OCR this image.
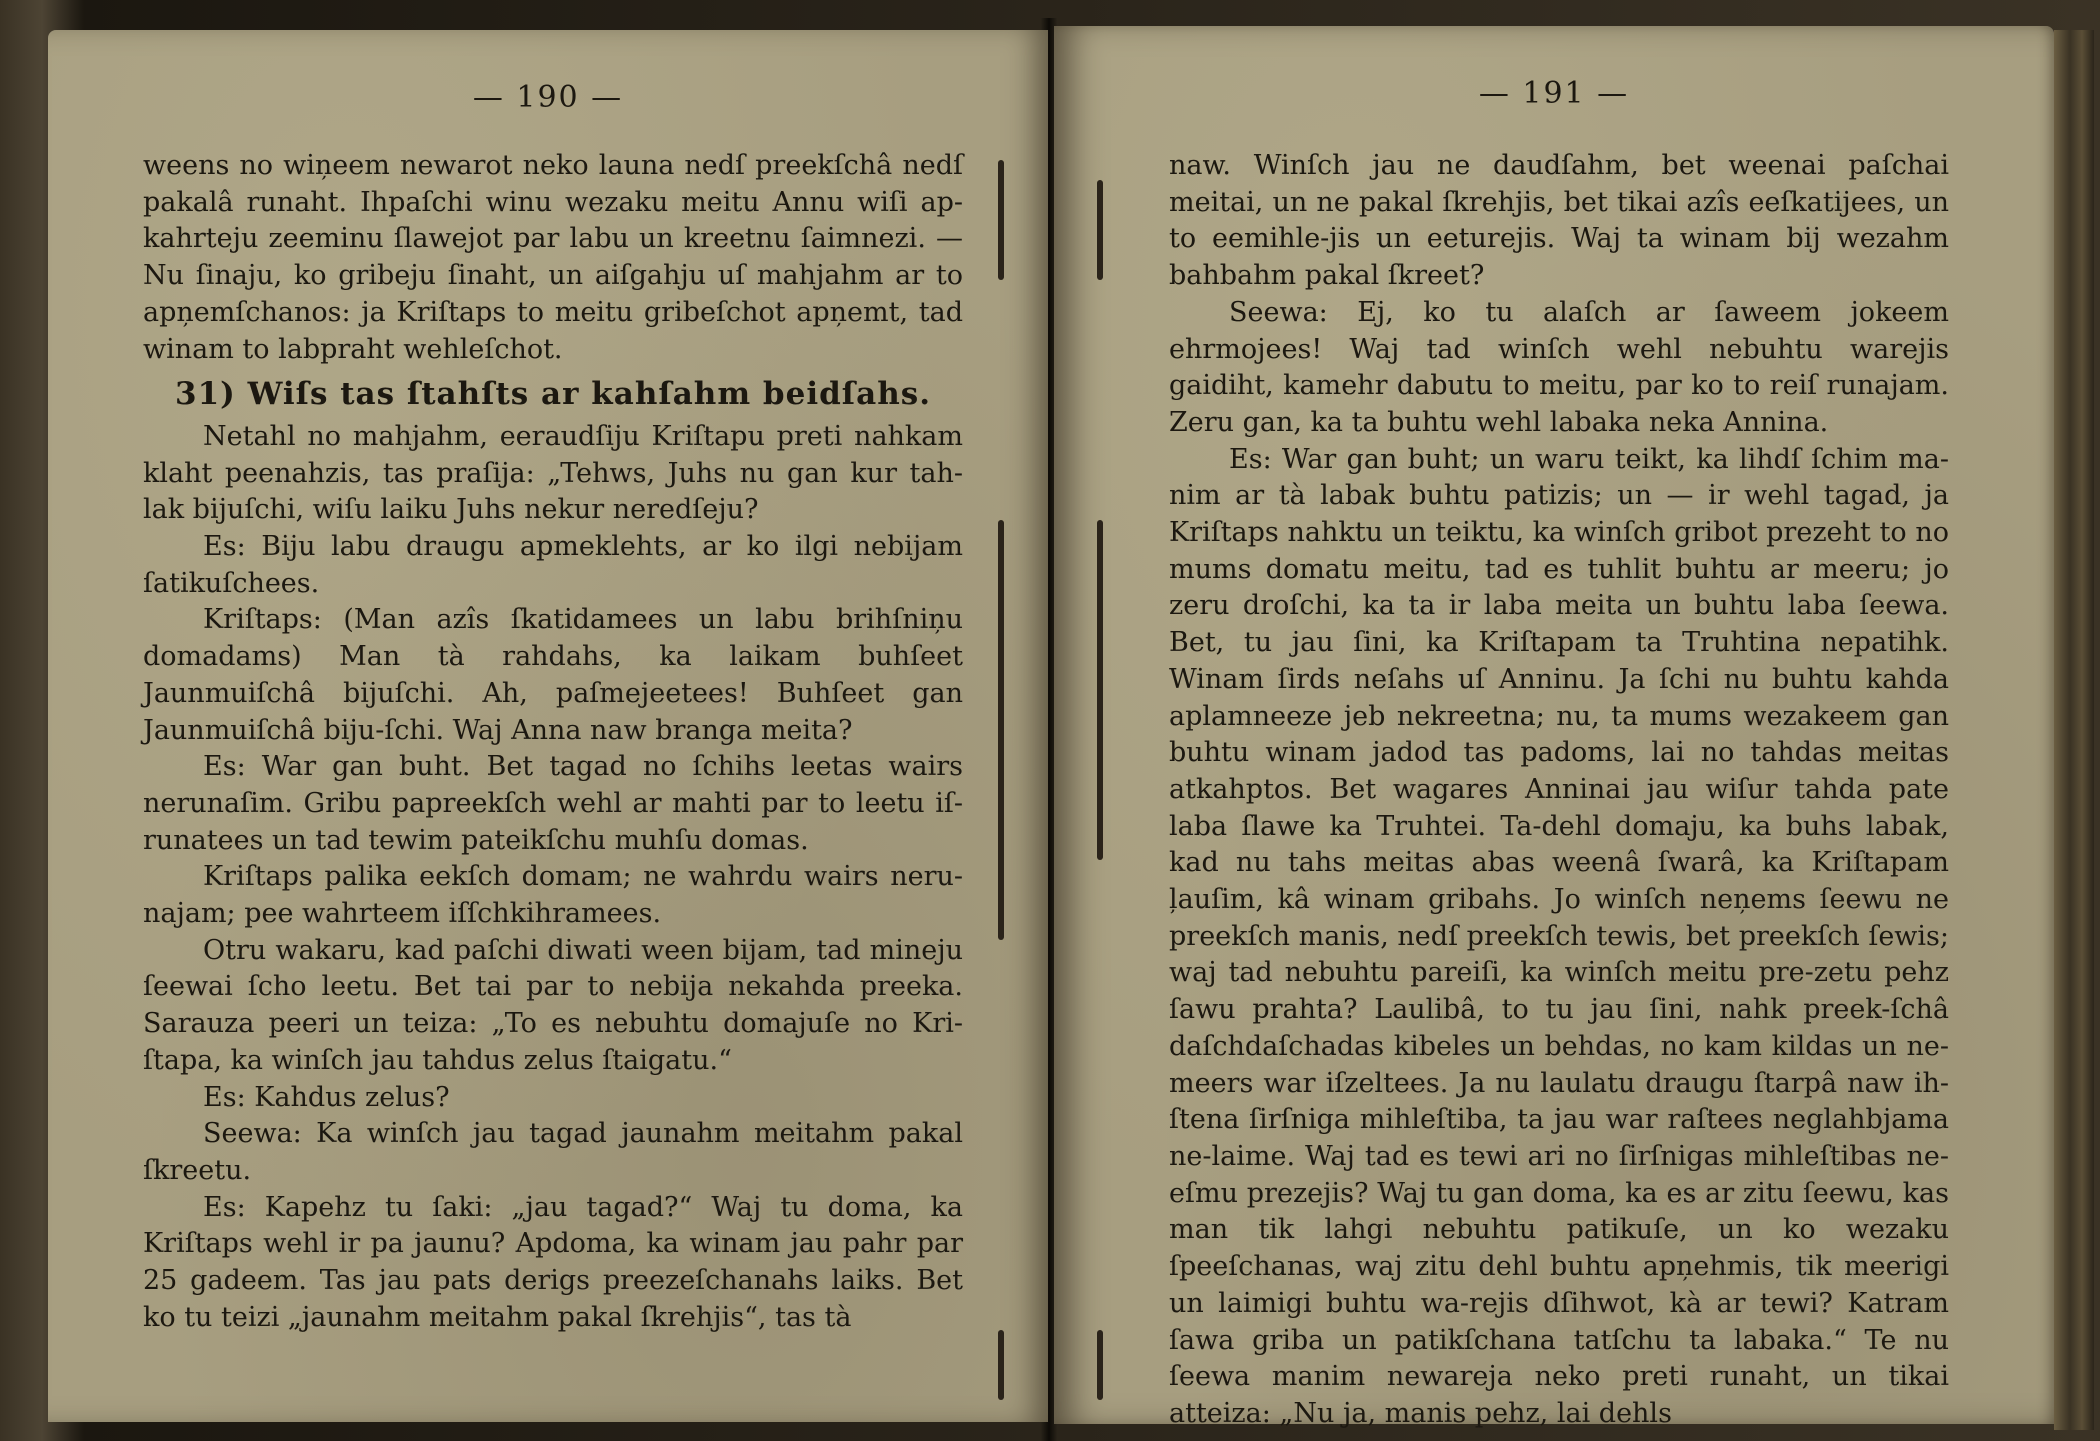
— 190 —

weens no wiņeem newarot neko launa nedſ preekſchâ nedſ pakalâ runaht. Ihpaſchi winu wezaku meitu Annu wiſi ap-kahrteju zeeminu ſlawejot par labu un kreetnu ſaimnezi. — Nu ſinaju, ko gribeju ſinaht, un aiſgahju uſ mahjahm ar to apņemſchanos: ja Kriſtaps to meitu gribeſchot apņemt, tad winam to labpraht wehleſchot.

31) Wiſs tas ſtahſts ar kahſahm beidſahs.

Netahl no mahjahm, eeraudſiju Kriſtapu preti nahkam klaht peenahzis, tas praſija: „Tehws, Juhs nu gan kur tah-lak bijuſchi, wiſu laiku Juhs nekur neredſeju?

Es: Biju labu draugu apmeklehts, ar ko ilgi nebijam ſatikuſchees.

Kriſtaps: (Man azîs ſkatidamees un labu brihſniņu domadams) Man tà rahdahs, ka laikam buhſeet Jaunmuiſchâ bijuſchi. Ah, paſmejeetees! Buhſeet gan Jaunmuiſchâ biju-ſchi. Waj Anna naw branga meita?

Es: War gan buht. Bet tagad no ſchihs leetas wairs nerunaſim. Gribu papreekſch wehl ar mahti par to leetu iſ-runatees un tad tewim pateikſchu muhſu domas.

Kriſtaps palika eekſch domam; ne wahrdu wairs neru-najam; pee wahrteem iſſchkihramees.

Otru wakaru, kad paſchi diwati ween bijam, tad mineju ſeewai ſcho leetu. Bet tai par to nebija nekahda preeka. Sarauza peeri un teiza: „To es nebuhtu domajuſe no Kri-ſtapa, ka winſch jau tahdus zelus ſtaigatu.“

Es: Kahdus zelus?

Seewa: Ka winſch jau tagad jaunahm meitahm pakal ſkreetu.

Es: Kapehz tu ſaki: „jau tagad?“ Waj tu doma, ka Kriſtaps wehl ir pa jaunu? Apdoma, ka winam jau pahr par 25 gadeem. Tas jau pats derigs preezeſchanahs laiks. Bet ko tu teizi „jaunahm meitahm pakal ſkrehjis“, tas tà

— 191 —

naw. Winſch jau ne daudſahm, bet weenai paſchai meitai, un ne pakal ſkrehjis, bet tikai azîs eeſkatijees, un to eemihle-jis un eeturejis. Waj ta winam bij wezahm bahbahm pakal ſkreet?

Seewa: Ej, ko tu alaſch ar ſaweem jokeem ehrmojees! Waj tad winſch wehl nebuhtu warejis gaidiht, kamehr dabutu to meitu, par ko to reiſ runajam. Zeru gan, ka ta buhtu wehl labaka neka Annina.

Es: War gan buht; un waru teikt, ka lihdſ ſchim ma-nim ar tà labak buhtu patizis; un — ir wehl tagad, ja Kriſtaps nahktu un teiktu, ka winſch gribot prezeht to no mums domatu meitu, tad es tuhlit buhtu ar meeru; jo zeru droſchi, ka ta ir laba meita un buhtu laba ſeewa. Bet, tu jau ſini, ka Kriſtapam ta Truhtina nepatihk. Winam ſirds neſahs uſ Anninu. Ja ſchi nu buhtu kahda aplamneeze jeb nekreetna; nu, ta mums wezakeem gan buhtu winam jadod tas padoms, lai no tahdas meitas atkahptos. Bet wagares Anninai jau wiſur tahda pate laba ſlawe ka Truhtei. Ta-dehl domaju, ka buhs labak, kad nu tahs meitas abas weenâ ſwarâ, ka Kriſtapam ļauſim, kâ winam gribahs. Jo winſch neņems ſeewu ne preekſch manis, nedſ preekſch tewis, bet preekſch ſewis; waj tad nebuhtu pareiſi, ka winſch meitu pre-zetu pehz ſawu prahta? Laulibâ, to tu jau ſini, nahk preek-ſchâ daſchdaſchadas kibeles un behdas, no kam kildas un ne-meers war iſzeltees. Ja nu laulatu draugu ſtarpâ naw ih-ſtena ſirſniga mihleſtiba, ta jau war raſtees neglahbjama ne-laime. Waj tad es tewi ari no ſirſnigas mihleſtibas ne-eſmu prezejis? Waj tu gan doma, ka es ar zitu ſeewu, kas man tik lahgi nebuhtu patikuſe, un ko wezaku ſpeeſchanas, waj zitu dehl buhtu apņehmis, tik meerigi un laimigi buhtu wa-rejis dſihwot, kà ar tewi? Katram ſawa griba un patikſchana tatſchu ta labaka.“ Te nu ſeewa manim newareja neko preti runaht, un tikai atteiza: „Nu ja, manis pehz, lai dehls
